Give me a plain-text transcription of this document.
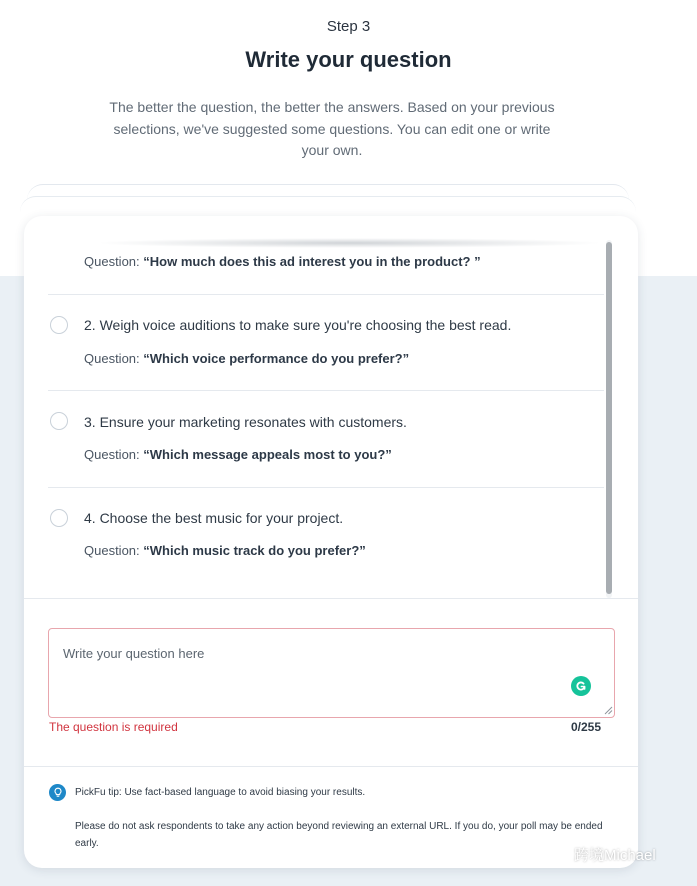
Step 3
Write your question
The better the question, the better the answers. Based on your previous selections, we've suggested some questions. You can edit one or write your own.
Question: “How much does this ad interest you in the product? ”
2. Weigh voice auditions to make sure you're choosing the best read.
Question: “Which voice performance do you prefer?”
3. Ensure your marketing resonates with customers.
Question: “Which message appeals most to you?”
4. Choose the best music for your project.
Question: “Which music track do you prefer?”
Write your question here
The question is required	0/255
PickFu tip: Use fact-based language to avoid biasing your results.
Please do not ask respondents to take any action beyond reviewing an external URL. If you do, your poll may be ended early.
跨境Michael
